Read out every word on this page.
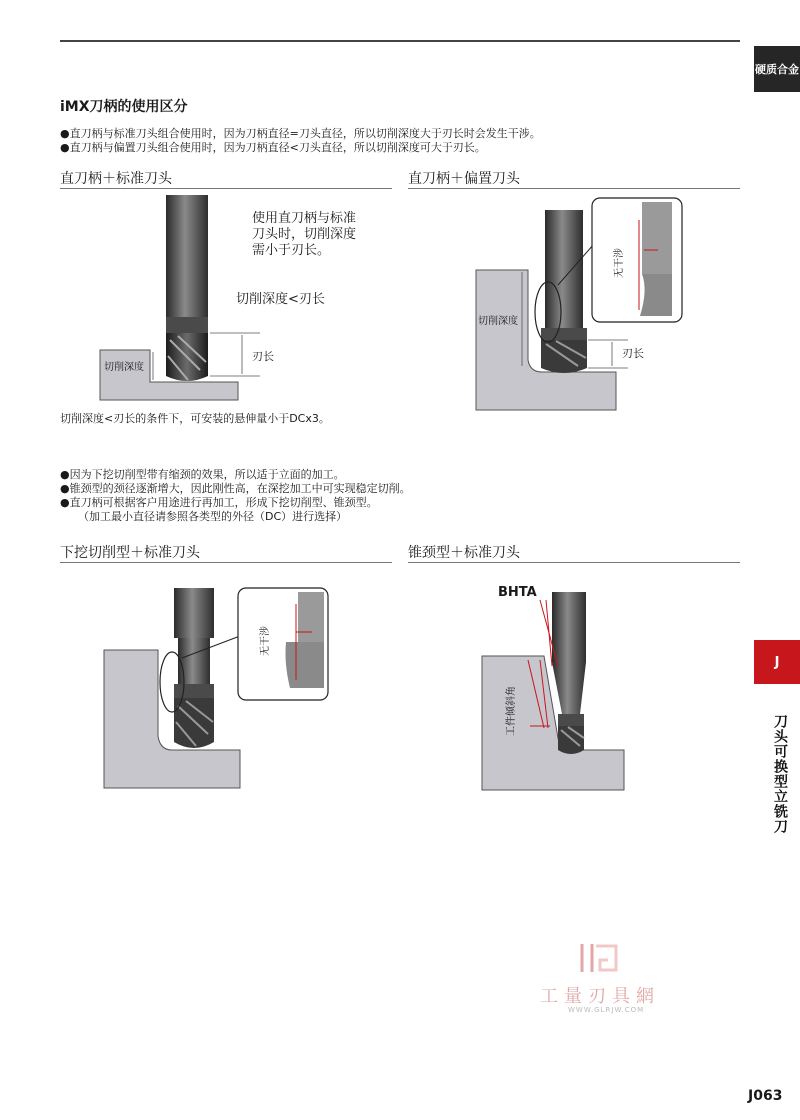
硬质合金
J
刀头可换型立铣刀
iMX刀柄的使用区分
●直刀柄与标准刀头组合使用时，因为刀柄直径=刀头直径，所以切削深度大于刃长时会发生干涉。
●直刀柄与偏置刀头组合使用时，因为刀柄直径<刀头直径，所以切削深度可大于刃长。
直刀柄＋标准刀头	直刀柄＋偏置刀头
使用直刀柄与标准
刀头时，切削深度
需小于刃长。
切削深度<刃长
刃长
切削深度
切削深度<刃长的条件下，可安装的悬伸量小于DCx3。
无干涉
切削深度
刃长
●因为下挖切削型带有缩颈的效果，所以适于立面的加工。
●锥颈型的颈径逐渐增大，因此刚性高，在深挖加工中可实现稳定切削。
●直刀柄可根据客户用途进行再加工，形成下挖切削型、锥颈型。
（加工最小直径请参照各类型的外径（DC）进行选择）
下挖切削型＋标准刀头	锥颈型＋标准刀头
无干涉
BHTA
工件倾斜角
工量刃具網
WWW.GLRJW.COM
J063
